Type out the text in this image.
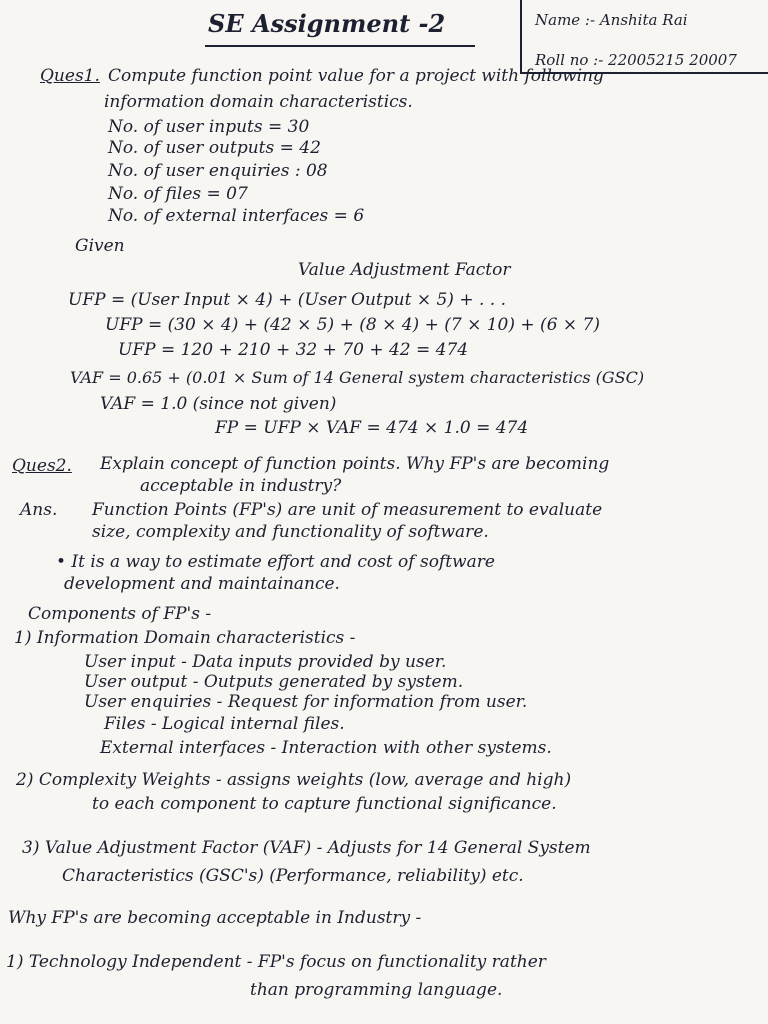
Name :- Anshita Rai
Roll no :- 22005215 20007
SE Assignment -2
Ques1. Compute function point value for a project with following
information domain characteristics.
No. of user inputs = 30
No. of user outputs = 42
No. of user enquiries : 08
No. of files = 07
No. of external interfaces = 6
Given
Value Adjustment Factor
UFP = (User Input × 4) + (User Output × 5) + . . .
UFP = (30 × 4) + (42 × 5) + (8 × 4) + (7 × 10) + (6 × 7)
UFP = 120 + 210 + 32 + 70 + 42 = 474
VAF = 0.65 + (0.01 × Sum of 14 General system characteristics (GSC)
VAF = 1.0 (since not given)
FP = UFP × VAF = 474 × 1.0 = 474
Ques2. Explain concept of function points. Why FP's are becoming
acceptable in industry?
Ans. Function Points (FP's) are unit of measurement to evaluate
size, complexity and functionality of software.
• It is a way to estimate effort and cost of software
development and maintainance.
Components of FP's -
1) Information Domain characteristics -
User input - Data inputs provided by user.
User output - Outputs generated by system.
User enquiries - Request for information from user.
Files - Logical internal files.
External interfaces - Interaction with other systems.
2) Complexity Weights - assigns weights (low, average and high)
to each component to capture functional significance.
3) Value Adjustment Factor (VAF) - Adjusts for 14 General System
Characteristics (GSC's) (Performance, reliability) etc.
Why FP's are becoming acceptable in Industry -
1) Technology Independent - FP's focus on functionality rather
than programming language.
